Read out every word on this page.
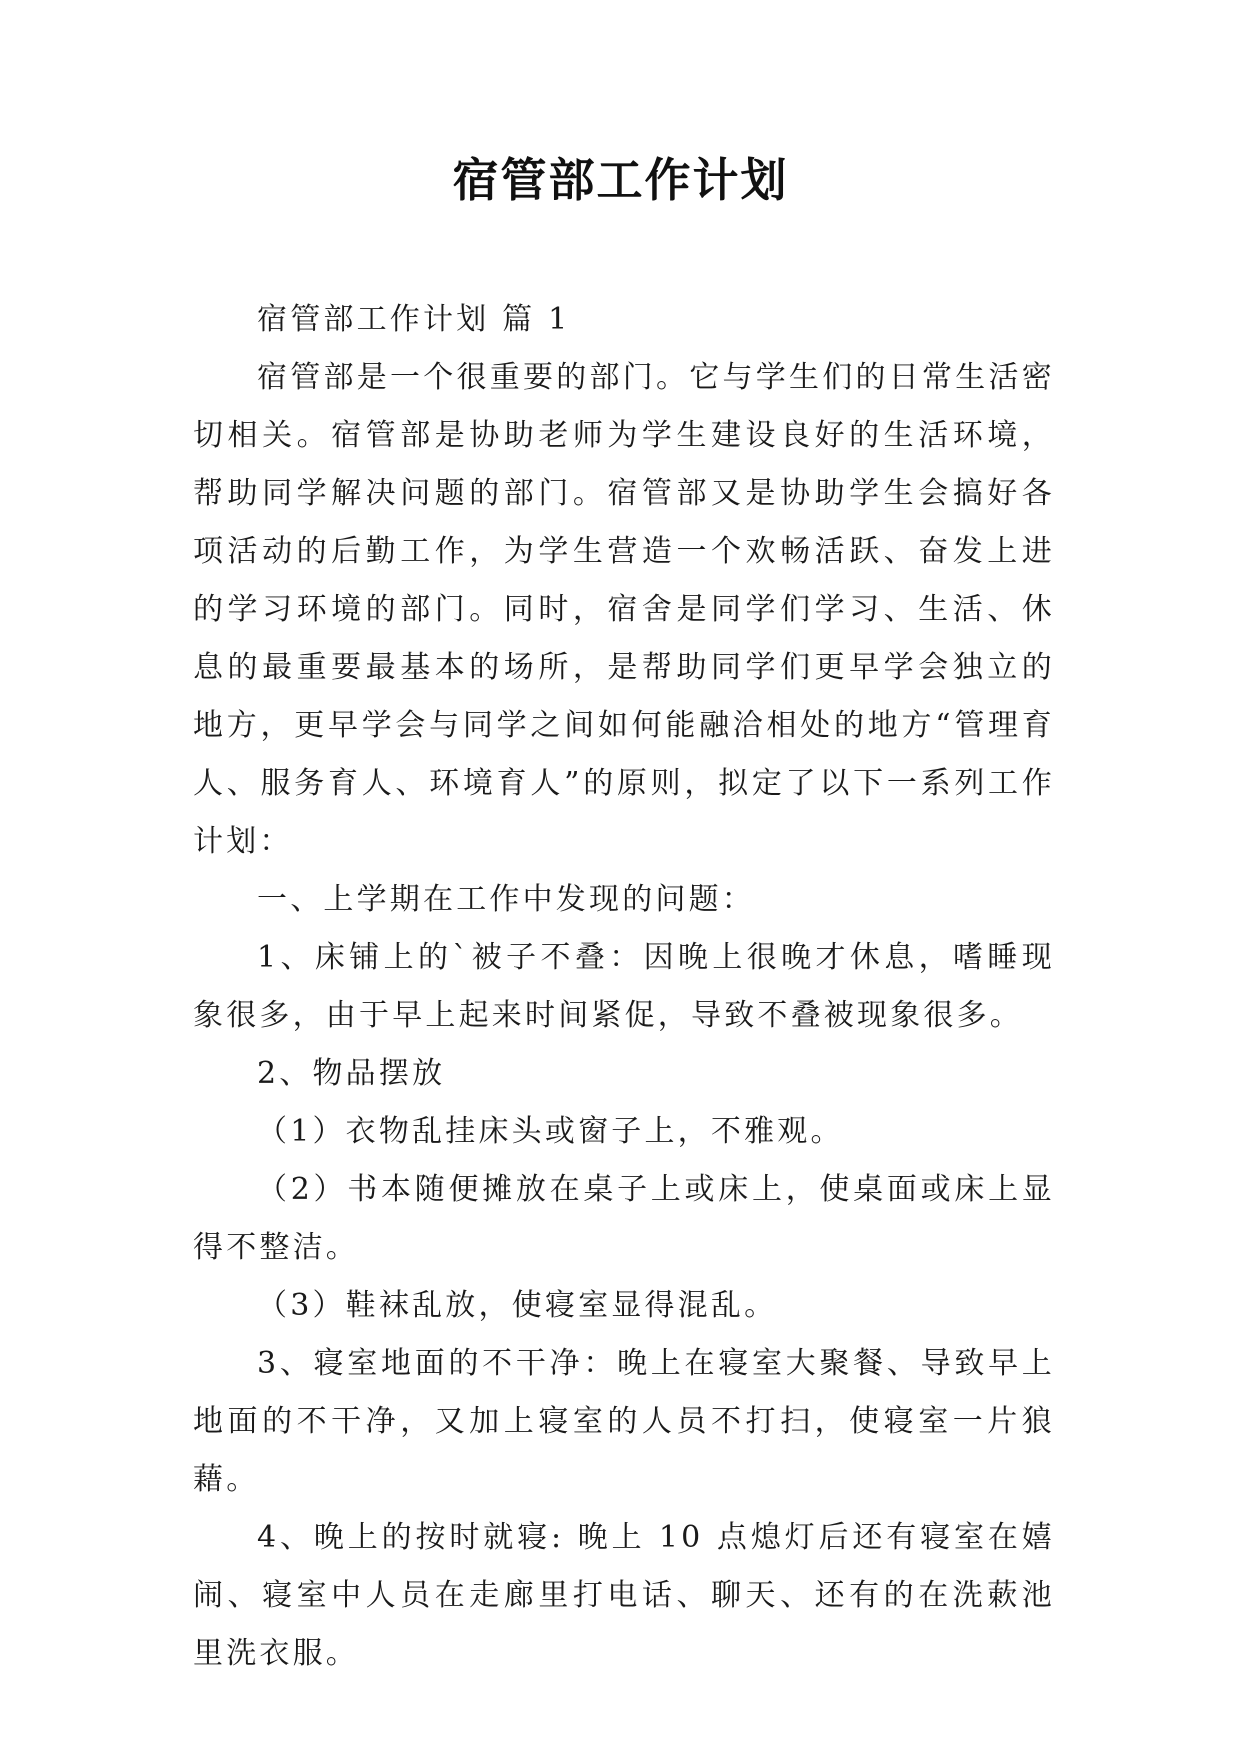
宿管部工作计划

宿管部工作计划 篇 1

宿管部是一个很重要的部门。它与学生们的日常生活密切相关。宿管部是协助老师为学生建设良好的生活环境，帮助同学解决问题的部门。宿管部又是协助学生会搞好各项活动的后勤工作，为学生营造一个欢畅活跃、奋发上进的学习环境的部门。同时，宿舍是同学们学习、生活、休息的最重要最基本的场所，是帮助同学们更早学会独立的地方，更早学会与同学之间如何能融洽相处的地方“管理育人、服务育人、环境育人”的原则，拟定了以下一系列工作计划：

一、上学期在工作中发现的问题：

1、床铺上的`被子不叠：因晚上很晚才休息，嗜睡现象很多，由于早上起来时间紧促，导致不叠被现象很多。

2、物品摆放

（1）衣物乱挂床头或窗子上，不雅观。

（2）书本随便摊放在桌子上或床上，使桌面或床上显得不整洁。

（3）鞋袜乱放，使寝室显得混乱。

3、寝室地面的不干净：晚上在寝室大聚餐、导致早上地面的不干净，又加上寝室的人员不打扫，使寝室一片狼藉。

4、晚上的按时就寝: 晚上 10 点熄灯后还有寝室在嬉闹、寝室中人员在走廊里打电话、聊天、还有的在洗蔌池里洗衣服。
